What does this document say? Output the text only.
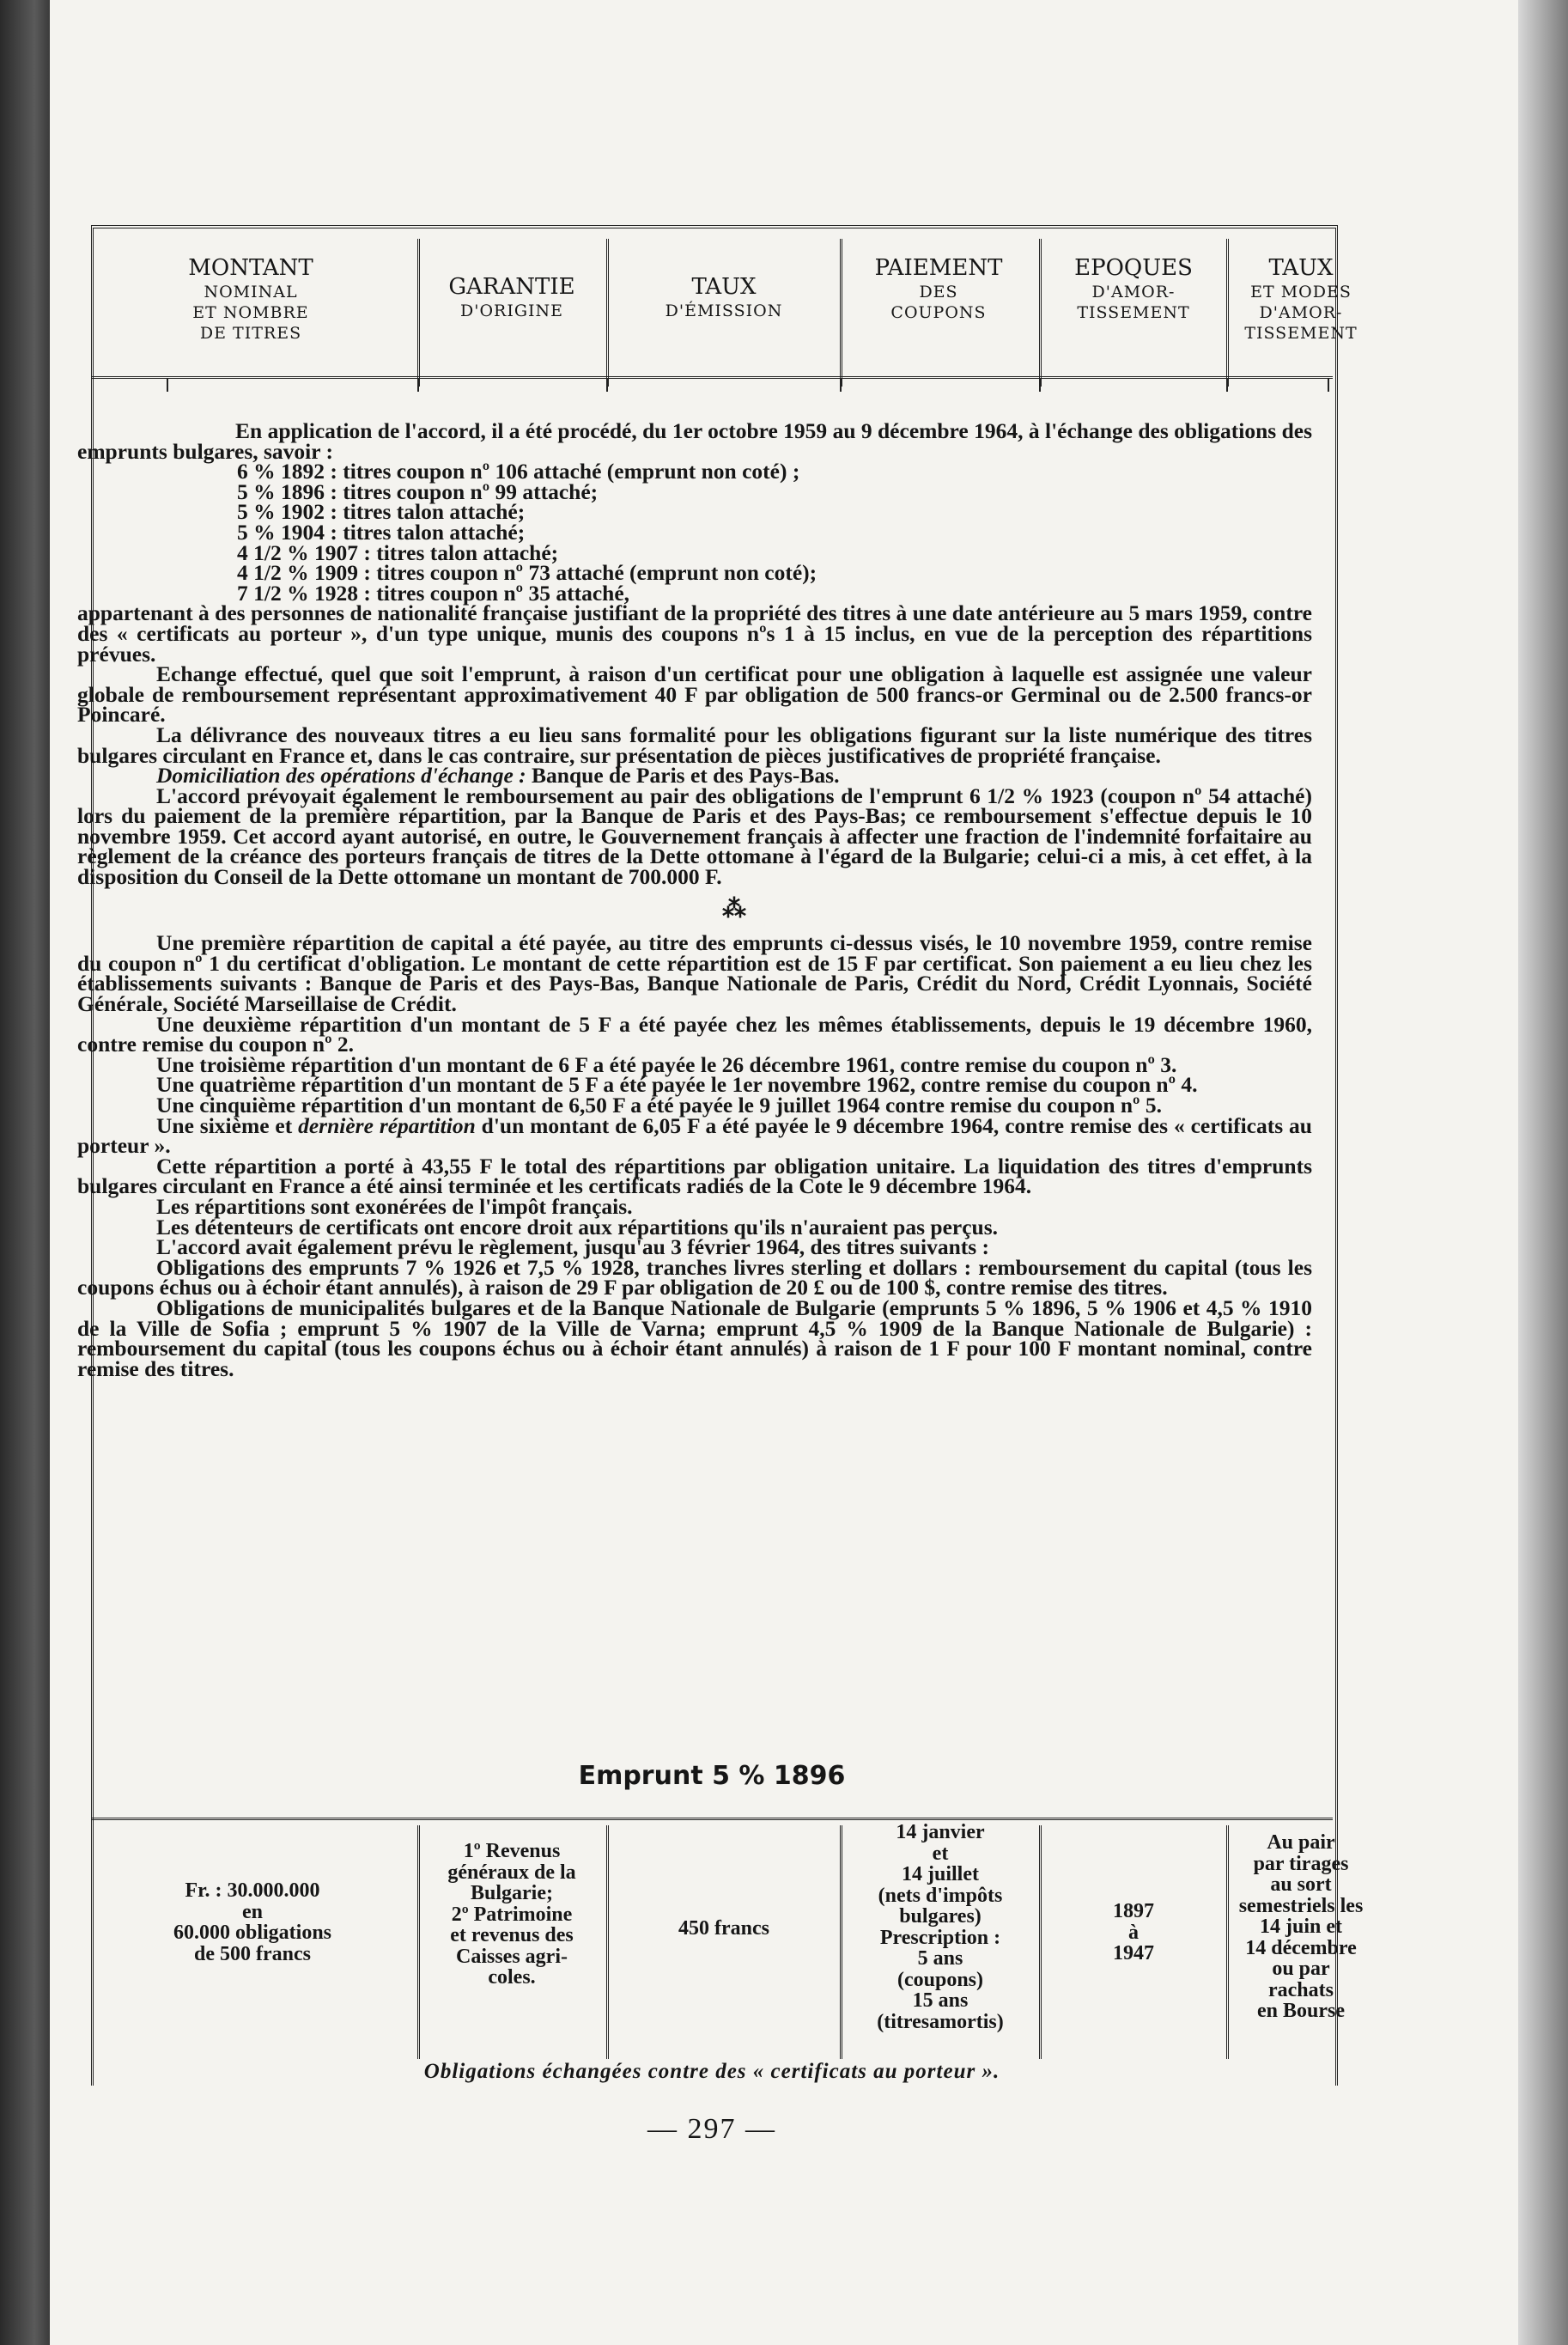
MONTANT
NOMINAL
ET NOMBRE
DE TITRES
GARANTIE
D'ORIGINE
TAUX
D'ÉMISSION
PAIEMENT
DES
COUPONS
EPOQUES
D'AMOR-
TISSEMENT
TAUX
ET MODES
D'AMOR-
TISSEMENT

En application de l'accord, il a été procédé, du 1er octobre 1959 au 9 décembre 1964, à l'échange des obligations des emprunts bulgares, savoir :

6 % 1892 : titres coupon nº 106 attaché (emprunt non coté) ;
5 % 1896 : titres coupon nº 99 attaché;
5 % 1902 : titres talon attaché;
5 % 1904 : titres talon attaché;
4 1/2 % 1907 : titres talon attaché;
4 1/2 % 1909 : titres coupon nº 73 attaché (emprunt non coté);
7 1/2 % 1928 : titres coupon nº 35 attaché,

appartenant à des personnes de nationalité française justifiant de la propriété des titres à une date antérieure au 5 mars 1959, contre des « certificats au porteur », d'un type unique, munis des coupons nºs 1 à 15 inclus, en vue de la perception des répartitions prévues.

Echange effectué, quel que soit l'emprunt, à raison d'un certificat pour une obligation à laquelle est assignée une valeur globale de remboursement représentant approximativement 40 F par obligation de 500 francs-or Germinal ou de 2.500 francs-or Poincaré.

La délivrance des nouveaux titres a eu lieu sans formalité pour les obligations figurant sur la liste numérique des titres bulgares circulant en France et, dans le cas contraire, sur présentation de pièces justificatives de propriété française.

Domiciliation des opérations d'échange : Banque de Paris et des Pays-Bas.

L'accord prévoyait également le remboursement au pair des obligations de l'emprunt 6 1/2 % 1923 (coupon nº 54 attaché) lors du paiement de la première répartition, par la Banque de Paris et des Pays-Bas; ce remboursement s'effectue depuis le 10 novembre 1959. Cet accord ayant autorisé, en outre, le Gouvernement français à affecter une fraction de l'indemnité forfaitaire au règlement de la créance des porteurs français de titres de la Dette ottomane à l'égard de la Bulgarie; celui-ci a mis, à cet effet, à la disposition du Conseil de la Dette ottomane un montant de 700.000 F.

⁂

Une première répartition de capital a été payée, au titre des emprunts ci-dessus visés, le 10 novembre 1959, contre remise du coupon nº 1 du certificat d'obligation. Le montant de cette répartition est de 15 F par certificat. Son paiement a eu lieu chez les établissements suivants : Banque de Paris et des Pays-Bas, Banque Nationale de Paris, Crédit du Nord, Crédit Lyonnais, Société Générale, Société Marseillaise de Crédit.

Une deuxième répartition d'un montant de 5 F a été payée chez les mêmes établissements, depuis le 19 décembre 1960, contre remise du coupon nº 2.

Une troisième répartition d'un montant de 6 F a été payée le 26 décembre 1961, contre remise du coupon nº 3.

Une quatrième répartition d'un montant de 5 F a été payée le 1er novembre 1962, contre remise du coupon nº 4.

Une cinquième répartition d'un montant de 6,50 F a été payée le 9 juillet 1964 contre remise du coupon nº 5.

Une sixième et dernière répartition d'un montant de 6,05 F a été payée le 9 décembre 1964, contre remise des « certificats au porteur ».

Cette répartition a porté à 43,55 F le total des répartitions par obligation unitaire. La liquidation des titres d'emprunts bulgares circulant en France a été ainsi terminée et les certificats radiés de la Cote le 9 décembre 1964.

Les répartitions sont exonérées de l'impôt français.

Les détenteurs de certificats ont encore droit aux répartitions qu'ils n'auraient pas perçus.

L'accord avait également prévu le règlement, jusqu'au 3 février 1964, des titres suivants :

Obligations des emprunts 7 % 1926 et 7,5 % 1928, tranches livres sterling et dollars : remboursement du capital (tous les coupons échus ou à échoir étant annulés), à raison de 29 F par obligation de 20 £ ou de 100 $, contre remise des titres.

Obligations de municipalités bulgares et de la Banque Nationale de Bulgarie (emprunts 5 % 1896, 5 % 1906 et 4,5 % 1910 de la Ville de Sofia ; emprunt 5 % 1907 de la Ville de Varna; emprunt 4,5 % 1909 de la Banque Nationale de Bulgarie) : remboursement du capital (tous les coupons échus ou à échoir étant annulés) à raison de 1 F pour 100 F montant nominal, contre remise des titres.

Emprunt 5 % 1896
Fr. : 30.000.000
en
60.000 obligations
de 500 francs
1º Revenus
généraux de la
Bulgarie;
2º Patrimoine
et revenus des
Caisses agri-
coles.
450 francs
14 janvier
et
14 juillet
(nets d'impôts
bulgares)
Prescription :
5 ans
(coupons)
15 ans
(titresamortis)
1897
à
1947
Au pair
par tirages
au sort
semestriels les
14 juin et
14 décembre
ou par
rachats
en Bourse
Obligations échangées contre des « certificats au porteur ».
— 297 —
